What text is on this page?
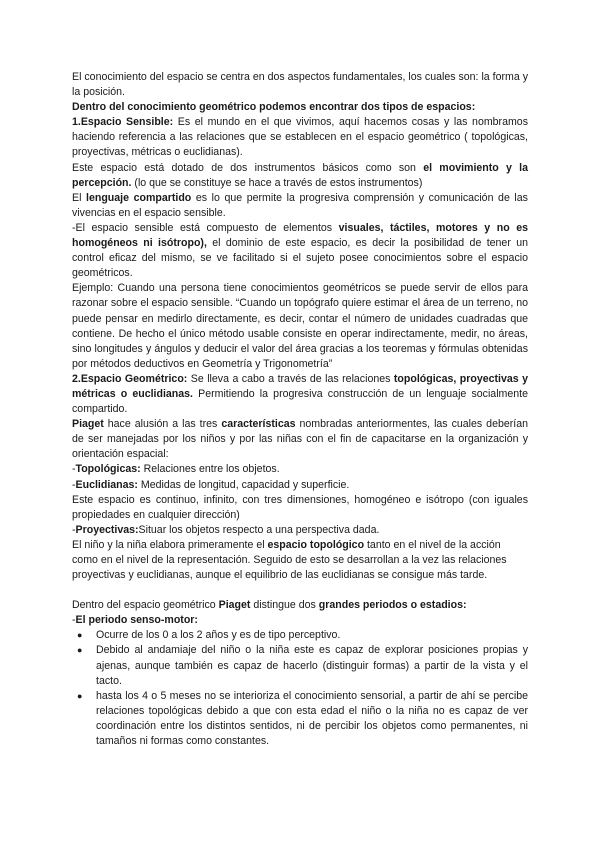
El conocimiento del espacio se centra en dos aspectos fundamentales, los cuales son: la forma y la posición.

Dentro del conocimiento geométrico podemos encontrar dos tipos de espacios:

1.Espacio Sensible: Es el mundo en el que vivimos, aquí hacemos cosas y las nombramos haciendo referencia a las relaciones que se establecen en el espacio geométrico ( topológicas, proyectivas, métricas o euclidianas).

Este espacio está dotado de dos instrumentos básicos como son el movimiento y la percepción. (lo que se constituye se hace a través de estos instrumentos)

El lenguaje compartido es lo que permite la progresiva comprensión y comunicación de las vivencias en el espacio sensible.

-El espacio sensible está compuesto de elementos visuales, táctiles, motores y no es homogéneos ni isótropo), el dominio de este espacio, es decir la posibilidad de tener un control eficaz del mismo, se ve facilitado si el sujeto posee conocimientos sobre el espacio geométricos.

Ejemplo: Cuando una persona tiene conocimientos geométricos se puede servir de ellos para razonar sobre el espacio sensible. “Cuando un topógrafo quiere estimar el área de un terreno, no puede pensar en medirlo directamente, es decir, contar el número de unidades cuadradas que contiene. De hecho el único método usable consiste en operar indirectamente, medir, no áreas, sino longitudes y ángulos y deducir el valor del área gracias a los teoremas y fórmulas obtenidas por métodos deductivos en Geometría y Trigonometría”

2.Espacio Geométrico: Se lleva a cabo a través de las relaciones topológicas, proyectivas y métricas o euclidianas. Permitiendo la progresiva construcción de un lenguaje socialmente compartido.

Piaget hace alusión a las tres características nombradas anteriormentes, las cuales deberían de ser manejadas por los niños y por las niñas con el fin de capacitarse en la organización y orientación espacial:

-Topológicas: Relaciones entre los objetos.

-Euclidianas: Medidas de longitud, capacidad y superficie.

Este espacio es continuo, infinito, con tres dimensiones, homogéneo e isótropo (con iguales propiedades en cualquier dirección)

-Proyectivas:Situar los objetos respecto a una perspectiva dada.

El niño y la niña elabora primeramente el espacio topológico tanto en el nivel de la acción como en el nivel de la representación. Seguido de esto se desarrollan a la vez las relaciones proyectivas y euclidianas, aunque el equilibrio de las euclidianas se consigue más tarde.

Dentro del espacio geométrico Piaget distingue dos grandes periodos o estadios:

-El periodo senso-motor:

● Ocurre de los 0 a los 2 años y es de tipo perceptivo.
● Debido al andamiaje del niño o la niña este es capaz de explorar posiciones propias y ajenas, aunque también es capaz de hacerlo (distinguir formas) a partir de la vista y el tacto.
● hasta los 4 o 5 meses no se interioriza el conocimiento sensorial, a partir de ahí se percibe relaciones topológicas debido a que con esta edad el niño o la niña no es capaz de ver coordinación entre los distintos sentidos, ni de percibir los objetos como permanentes, ni tamaños ni formas como constantes.
